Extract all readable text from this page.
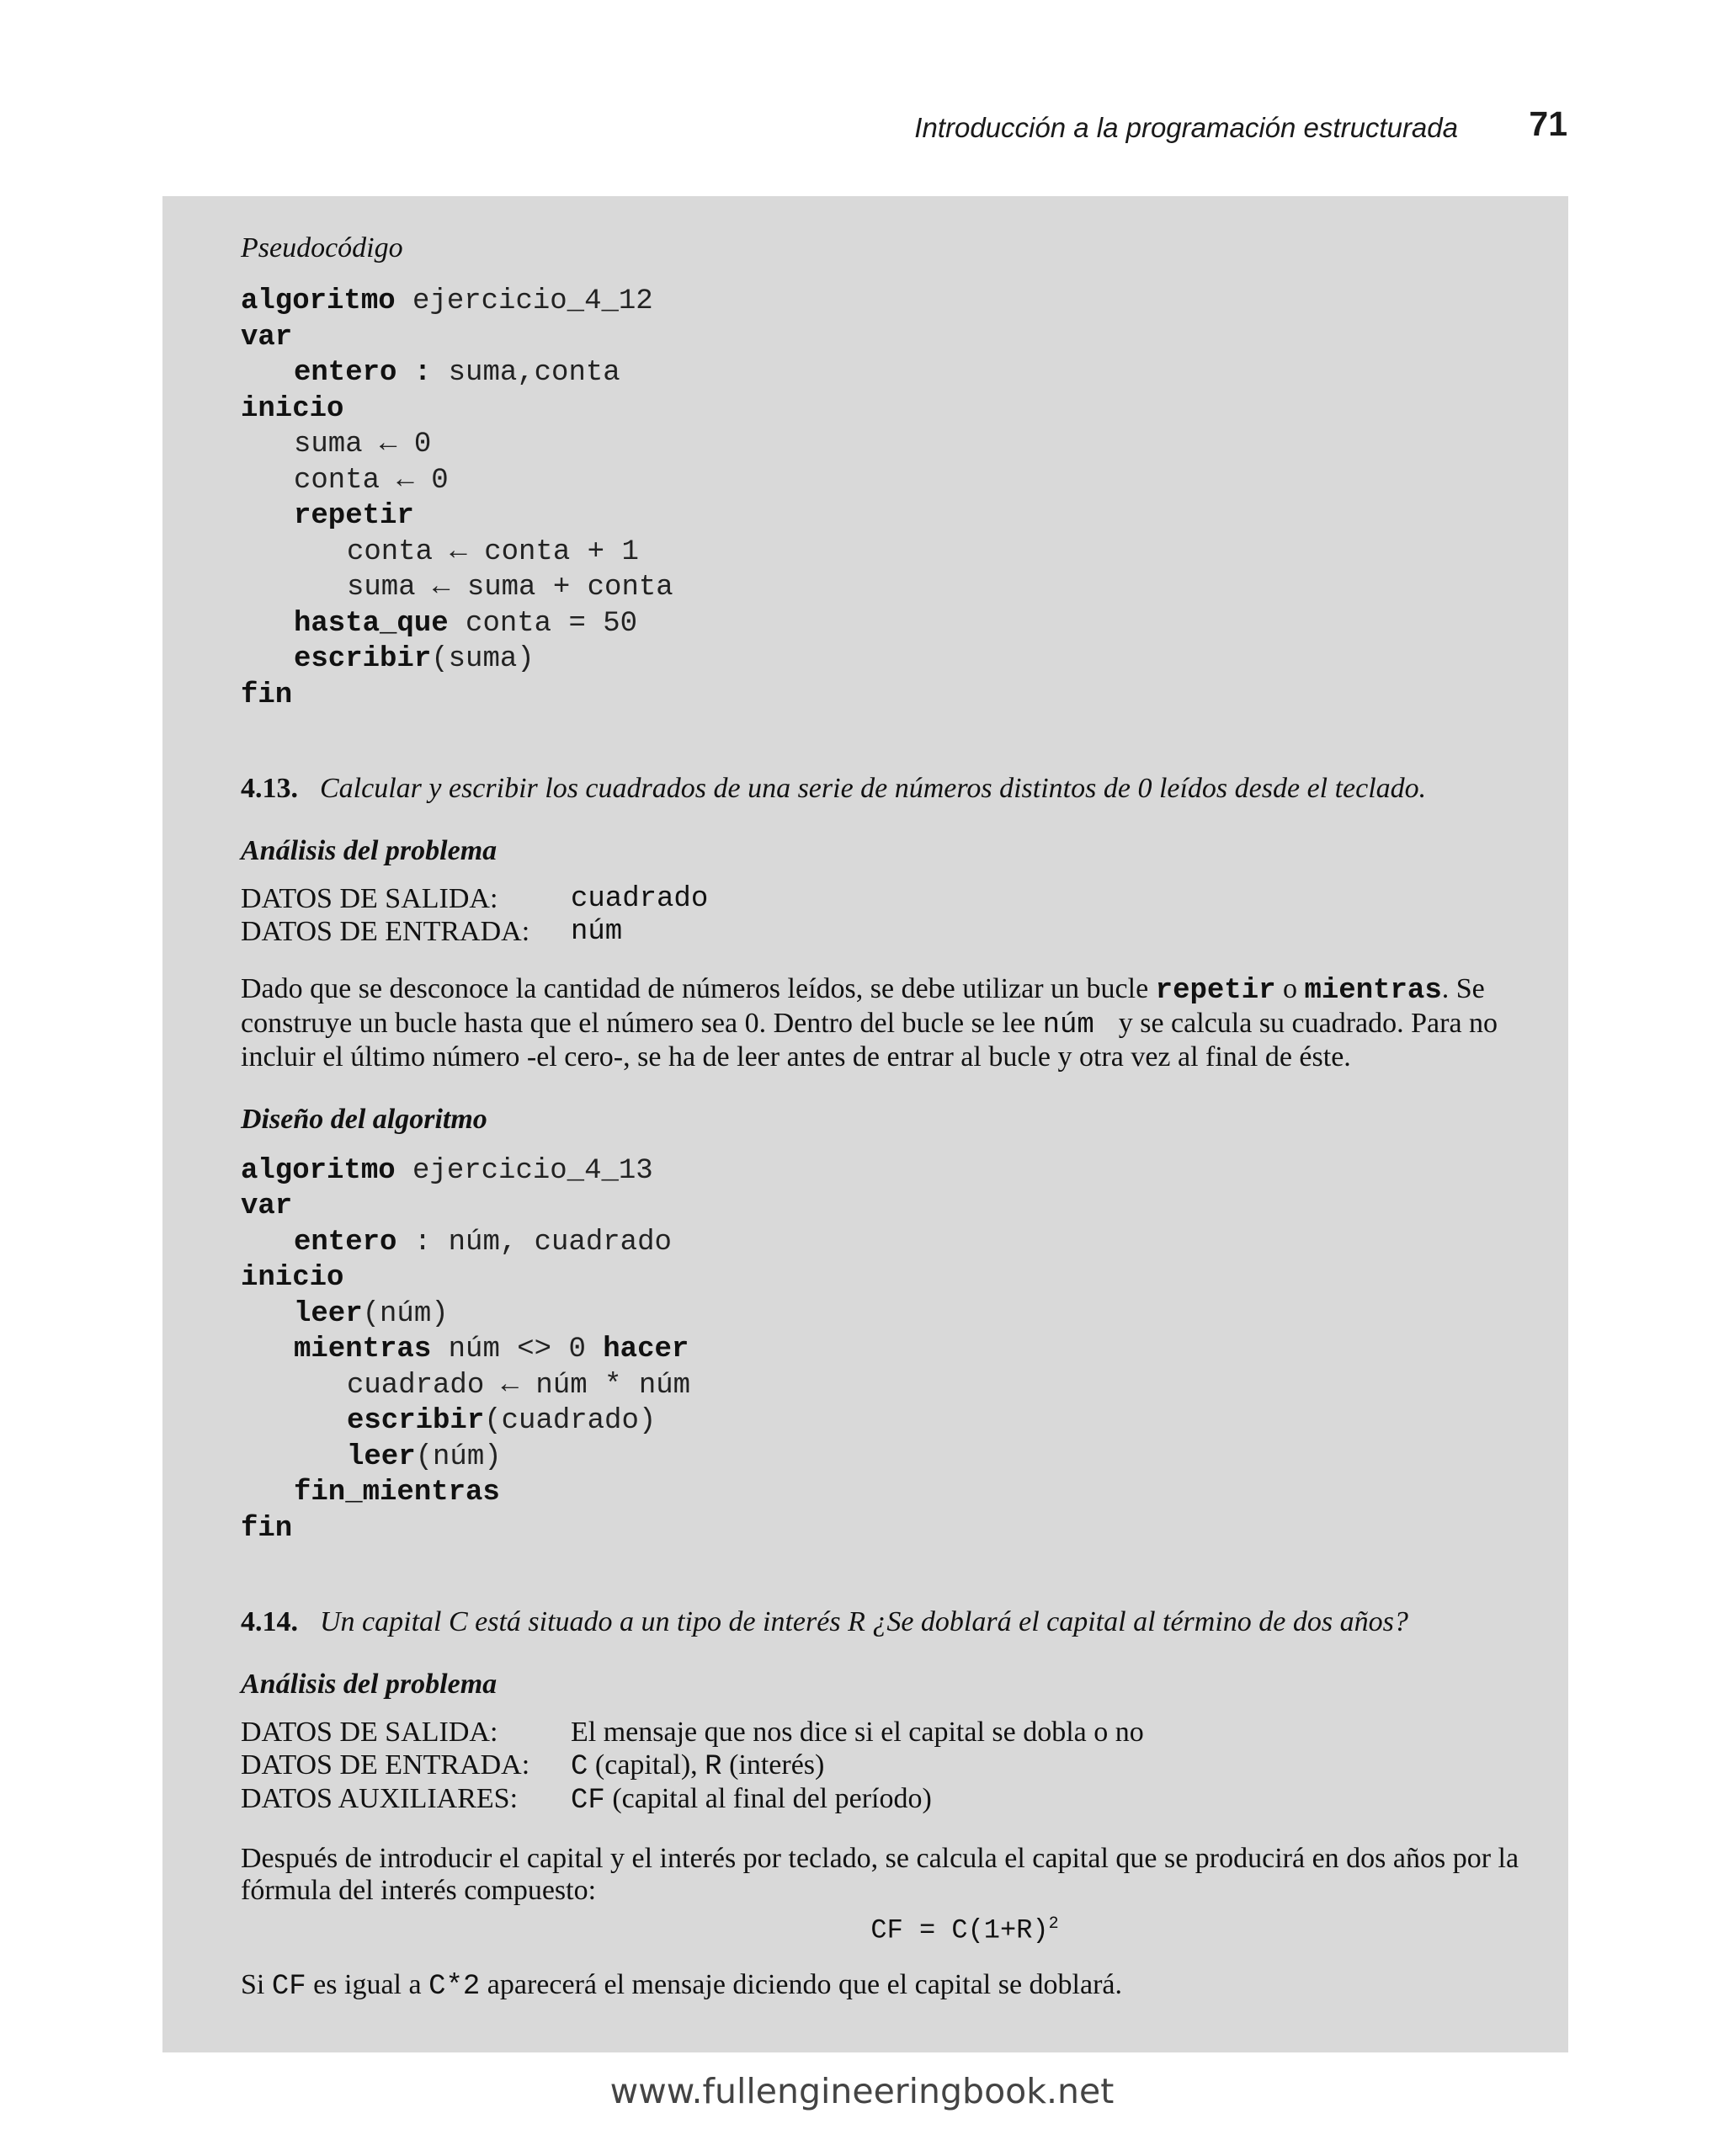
Introducción a la programación estructurada 71
Pseudocódigo
algoritmo ejercicio_4_12
var
entero : suma,conta
inicio
suma ← 0
conta ← 0
repetir
conta ← conta + 1
suma ← suma + conta
hasta_que conta = 50
escribir(suma)
fin
4.13. Calcular y escribir los cuadrados de una serie de números distintos de 0 leídos desde el teclado.
Análisis del problema
DATOS DE SALIDA:	cuadrado
DATOS DE ENTRADA:	núm
Dado que se desconoce la cantidad de números leídos, se debe utilizar un bucle repetir o mientras. Se construye un bucle hasta que el número sea 0. Dentro del bucle se lee núm  y se calcula su cuadrado. Para no incluir el último número -el cero-, se ha de leer antes de entrar al bucle y otra vez al final de éste.
Diseño del algoritmo
algoritmo ejercicio_4_13
var
entero : núm, cuadrado
inicio
leer(núm)
mientras núm <> 0 hacer
cuadrado ← núm * núm
escribir(cuadrado)
leer(núm)
fin_mientras
fin
4.14. Un capital C está situado a un tipo de interés R ¿Se doblará el capital al término de dos años?
Análisis del problema
DATOS DE SALIDA:	El mensaje que nos dice si el capital se dobla o no
DATOS DE ENTRADA:	C (capital), R (interés)
DATOS AUXILIARES:	CF (capital al final del período)
Después de introducir el capital y el interés por teclado, se calcula el capital que se producirá en dos años por la fórmula del interés compuesto:
CF = $C(1+R)^2$
Si CF es igual a C*2 aparecerá el mensaje diciendo que el capital se doblará.
www.fullengineeringbook.net
